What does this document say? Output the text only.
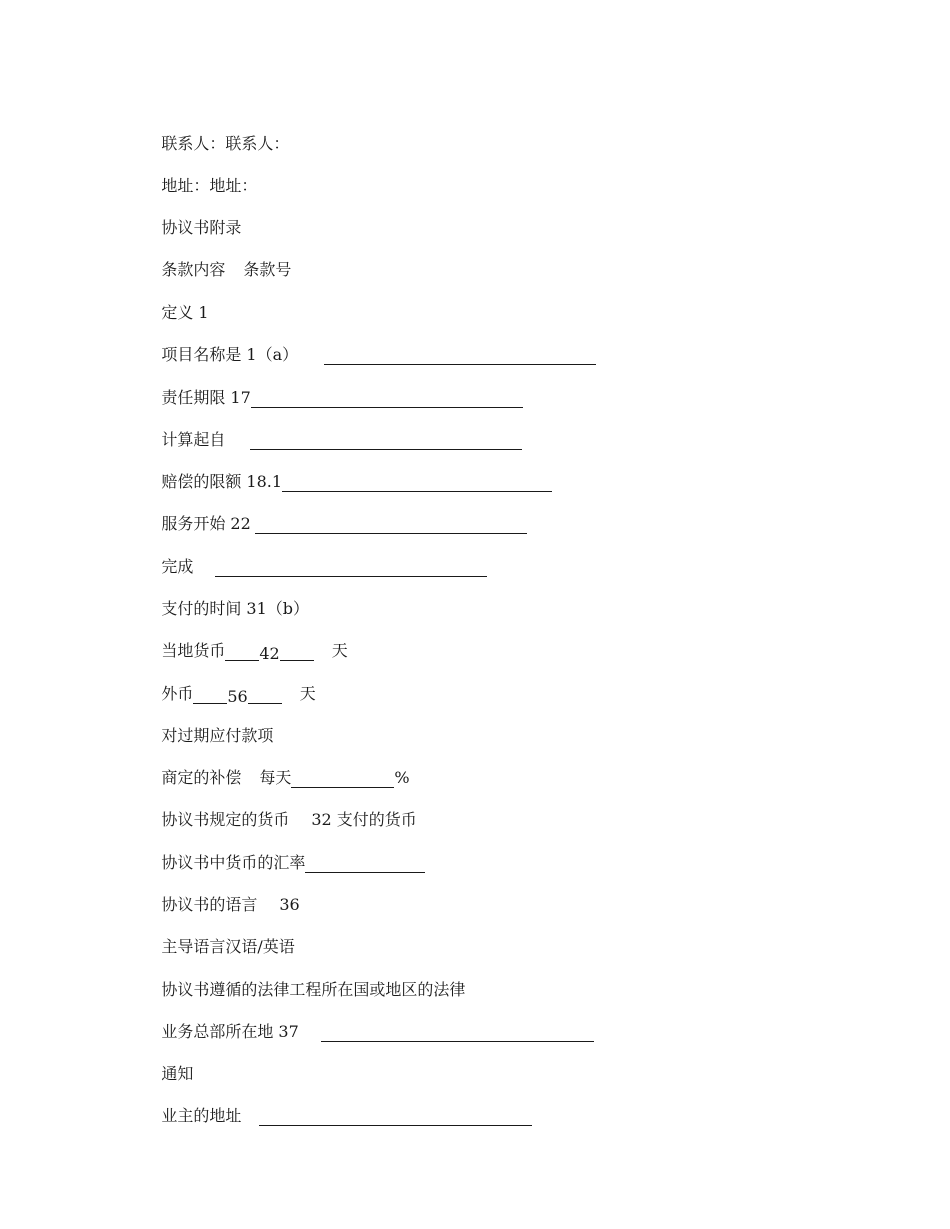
联系人：联系人：

地址：地址：

协议书附录

条款内容 条款号

定义 1

项目名称是 1（a）

责任期限 17

计算起自

赔偿的限额 18.1

服务开始 22

完成

支付的时间 31（b）

当地货币 42	天

外币 56	天

对过期应付款项

商定的补偿 每天	%

协议书规定的货币 32 支付的货币

协议书中货币的汇率

协议书的语言 36

主导语言汉语/英语

协议书遵循的法律工程所在国或地区的法律

业务总部所在地 37

通知

业主的地址
